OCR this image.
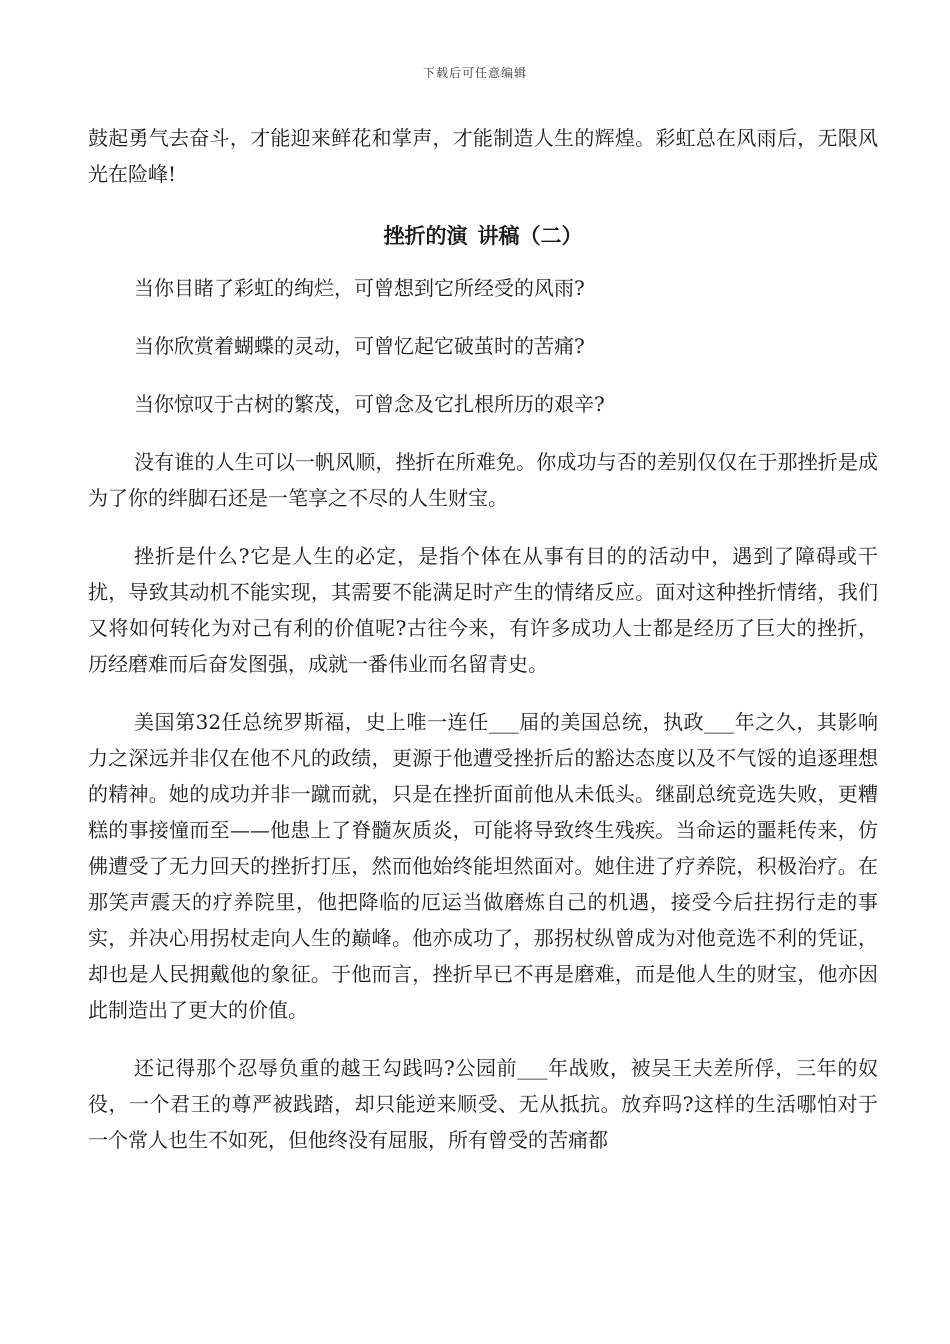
下载后可任意编辑

鼓起勇气去奋斗，才能迎来鲜花和掌声，才能制造人生的辉煌。彩虹总在风雨后，无限风光在险峰!

挫折的演 讲稿（二）

当你目睹了彩虹的绚烂，可曾想到它所经受的风雨?

当你欣赏着蝴蝶的灵动，可曾忆起它破茧时的苦痛?

当你惊叹于古树的繁茂，可曾念及它扎根所历的艰辛?

没有谁的人生可以一帆风顺，挫折在所难免。你成功与否的差别仅仅在于那挫折是成为了你的绊脚石还是一笔享之不尽的人生财宝。

挫折是什么?它是人生的必定，是指个体在从事有目的的活动中，遇到了障碍或干扰，导致其动机不能实现，其需要不能满足时产生的情绪反应。面对这种挫折情绪，我们又将如何转化为对己有利的价值呢?古往今来，有许多成功人士都是经历了巨大的挫折，历经磨难而后奋发图强，成就一番伟业而名留青史。

美国第32任总统罗斯福，史上唯一连任___届的美国总统，执政___年之久，其影响力之深远并非仅在他不凡的政绩，更源于他遭受挫折后的豁达态度以及不气馁的追逐理想的精神。她的成功并非一蹴而就，只是在挫折面前他从未低头。继副总统竞选失败，更糟糕的事接憧而至——他患上了脊髓灰质炎，可能将导致终生残疾。当命运的噩耗传来，仿佛遭受了无力回天的挫折打压，然而他始终能坦然面对。她住进了疗养院，积极治疗。在那笑声震天的疗养院里，他把降临的厄运当做磨炼自己的机遇，接受今后拄拐行走的事实，并决心用拐杖走向人生的巅峰。他亦成功了，那拐杖纵曾成为对他竞选不利的凭证，却也是人民拥戴他的象征。于他而言，挫折早已不再是磨难，而是他人生的财宝，他亦因此制造出了更大的价值。

还记得那个忍辱负重的越王勾践吗?公园前___年战败，被吴王夫差所俘，三年的奴役，一个君王的尊严被践踏，却只能逆来顺受、无从抵抗。放弃吗?这样的生活哪怕对于一个常人也生不如死，但他终没有屈服，所有曾受的苦痛都
